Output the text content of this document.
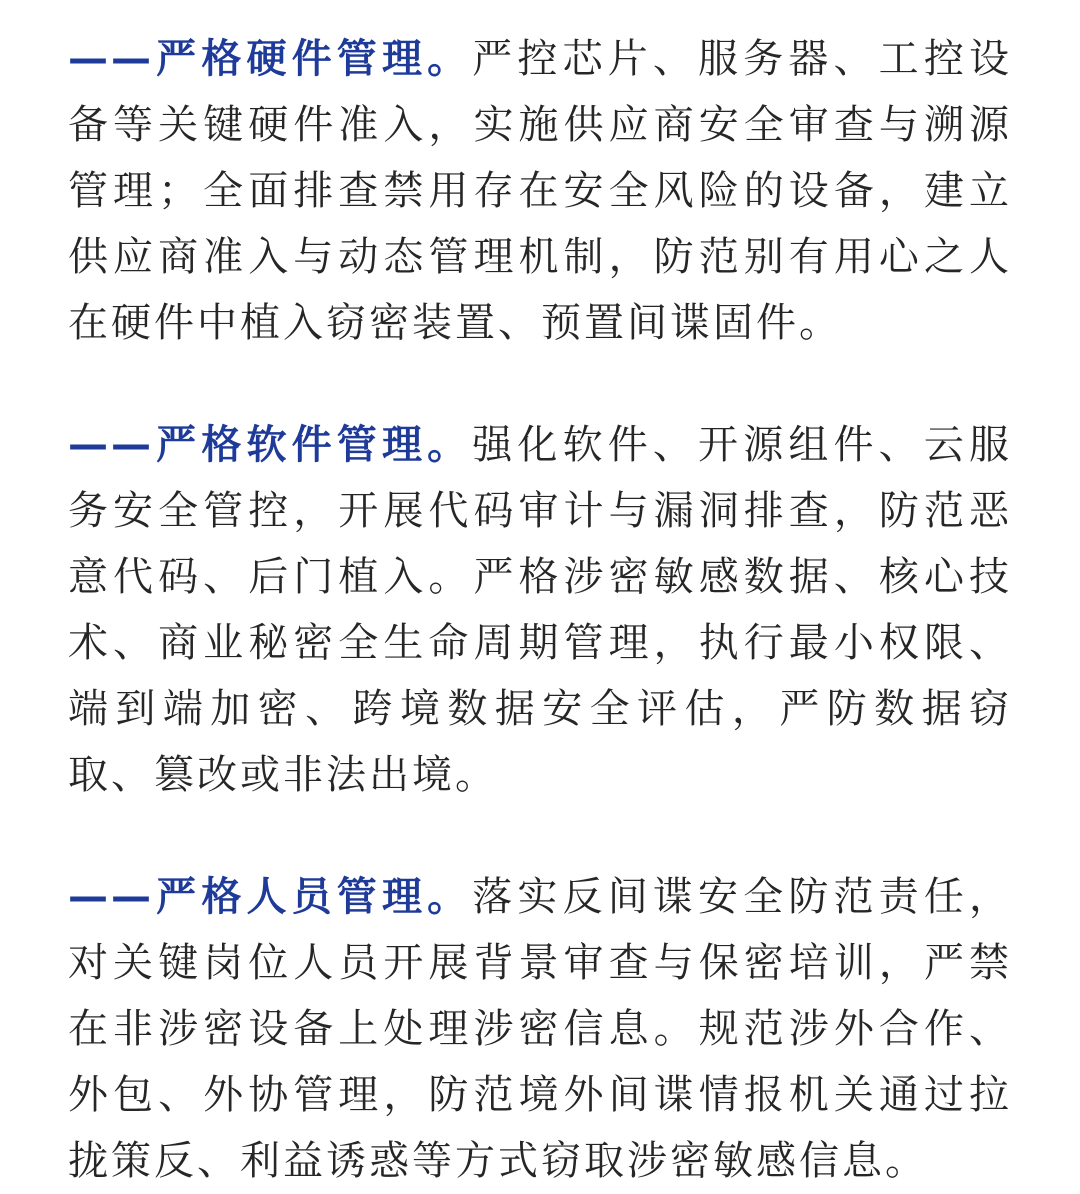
——严格硬件管理。严控芯片、服务器、工控设备等关键硬件准入，实施供应商安全审查与溯源管理；全面排查禁用存在安全风险的设备，建立供应商准入与动态管理机制，防范别有用心之人在硬件中植入窃密装置、预置间谍固件。

——严格软件管理。强化软件、开源组件、云服务安全管控，开展代码审计与漏洞排查，防范恶意代码、后门植入。严格涉密敏感数据、核心技术、商业秘密全生命周期管理，执行最小权限、端到端加密、跨境数据安全评估，严防数据窃取、篡改或非法出境。

——严格人员管理。落实反间谍安全防范责任，对关键岗位人员开展背景审查与保密培训，严禁在非涉密设备上处理涉密信息。规范涉外合作、外包、外协管理，防范境外间谍情报机关通过拉拢策反、利益诱惑等方式窃取涉密敏感信息。
